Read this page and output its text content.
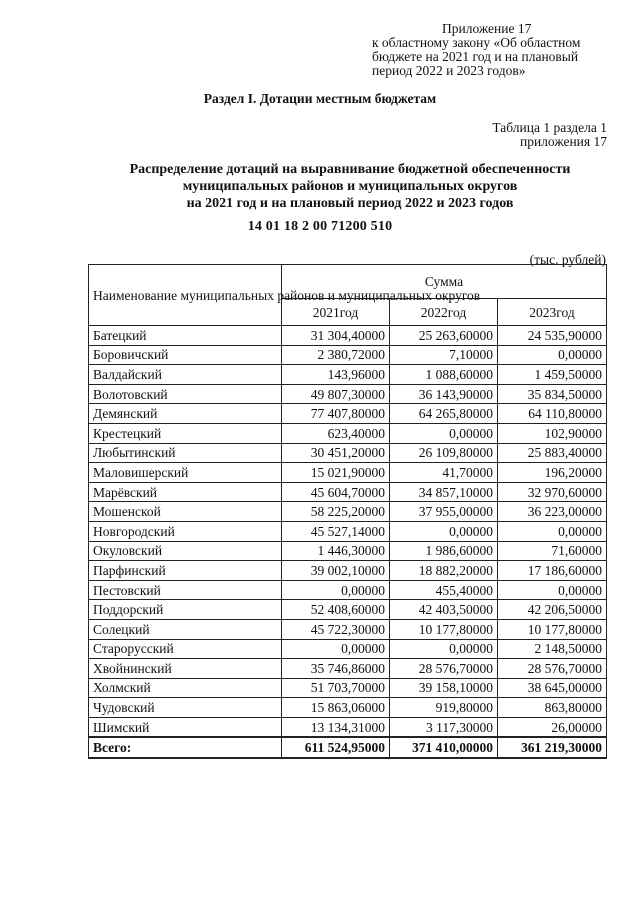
Приложение 17
к областному закону «Об областном
бюджете на 2021 год и на плановый
период 2022 и 2023 годов»
Раздел I. Дотации местным бюджетам
Таблица 1 раздела 1
приложения 17
Распределение дотаций на выравнивание бюджетной обеспеченности
муниципальных районов и муниципальных округов
на 2021 год и на плановый период 2022 и 2023 годов
14 01 18 2 00 71200 510
(тыс. рублей)
Наименование муниципальных районов и муниципальных округов	Сумма		
	2021год	2022год	2023год
Батецкий	31 304,40000	25 263,60000	24 535,90000
Боровичский	2 380,72000	7,10000	0,00000
Валдайский	143,96000	1 088,60000	1 459,50000
Волотовский	49 807,30000	36 143,90000	35 834,50000
Демянский	77 407,80000	64 265,80000	64 110,80000
Крестецкий	623,40000	0,00000	102,90000
Любытинский	30 451,20000	26 109,80000	25 883,40000
Маловишерский	15 021,90000	41,70000	196,20000
Марёвский	45 604,70000	34 857,10000	32 970,60000
Мошенской	58 225,20000	37 955,00000	36 223,00000
Новгородский	45 527,14000	0,00000	0,00000
Окуловский	1 446,30000	1 986,60000	71,60000
Парфинский	39 002,10000	18 882,20000	17 186,60000
Пестовский	0,00000	455,40000	0,00000
Поддорский	52 408,60000	42 403,50000	42 206,50000
Солецкий	45 722,30000	10 177,80000	10 177,80000
Старорусский	0,00000	0,00000	2 148,50000
Хвойнинский	35 746,86000	28 576,70000	28 576,70000
Холмский	51 703,70000	39 158,10000	38 645,00000
Чудовский	15 863,06000	919,80000	863,80000
Шимский	13 134,31000	3 117,30000	26,00000
Всего:	611 524,95000	371 410,00000	361 219,30000
